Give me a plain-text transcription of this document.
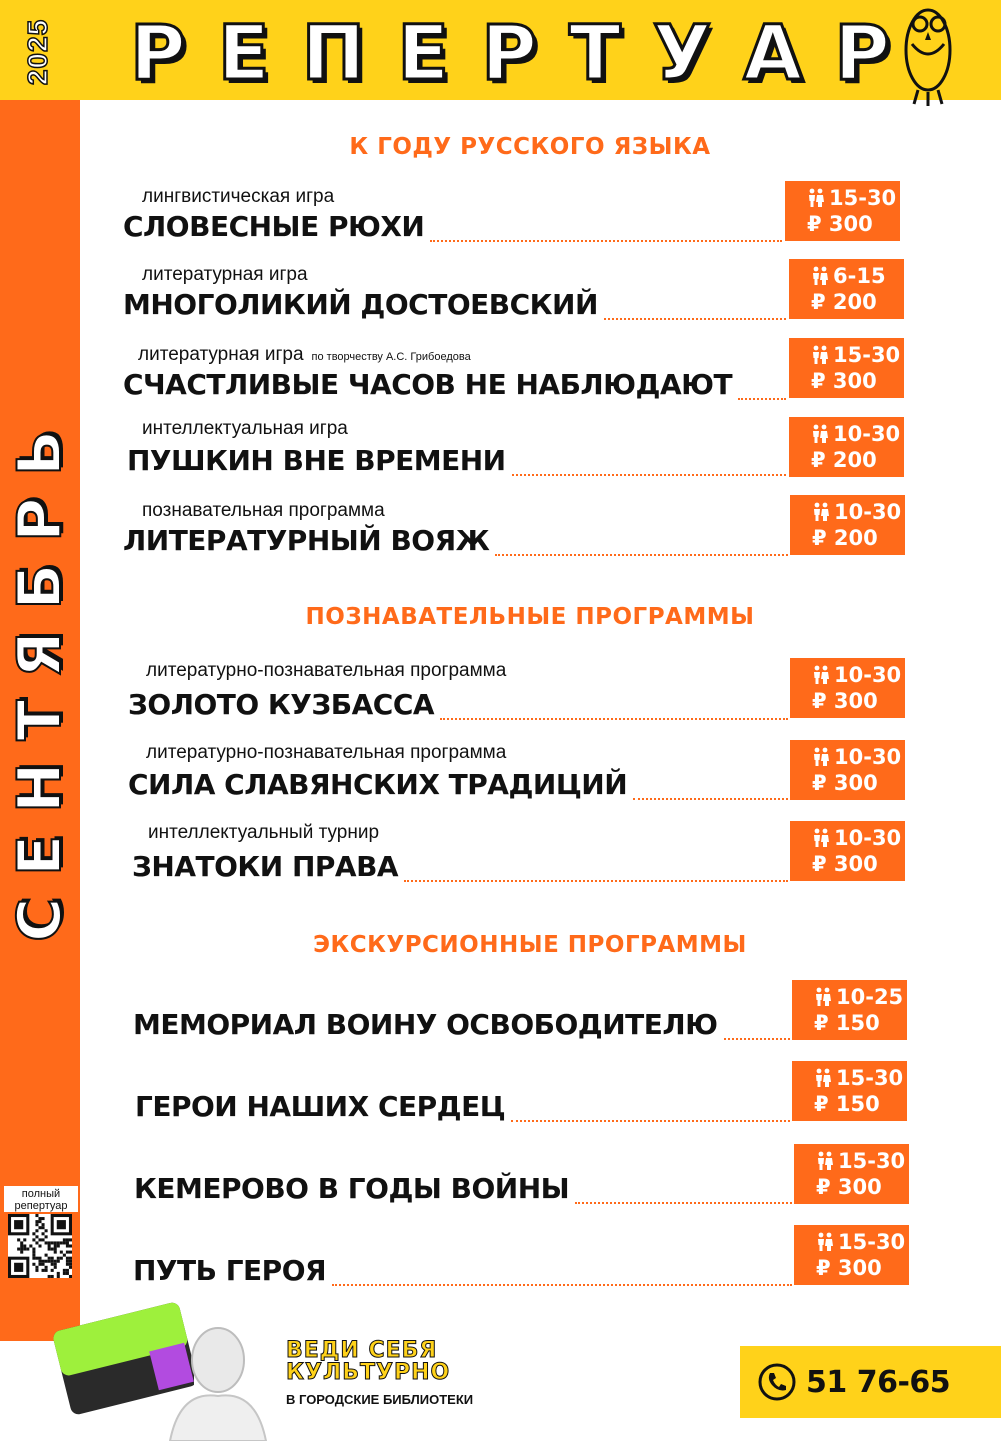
2025 Р Е П Е Р Т У А Р
СЕНТЯБРЬ
полный репертуар
К ГОДУ РУССКОГО ЯЗЫКА
ПОЗНАВАТЕЛЬНЫЕ ПРОГРАММЫ
ЭКСКУРСИОННЫЕ ПРОГРАММЫ
лингвистическая игра
СЛОВЕСНЫЕ РЮХИ
15-30
₽ 300
литературная игра
МНОГОЛИКИЙ ДОСТОЕВСКИЙ
6-15
₽ 200
литературная игра по творчеству А.С. Грибоедова
СЧАСТЛИВЫЕ ЧАСОВ НЕ НАБЛЮДАЮТ
15-30
₽ 300
интеллектуальная игра
ПУШКИН ВНЕ ВРЕМЕНИ
10-30
₽ 200
познавательная программа
ЛИТЕРАТУРНЫЙ ВОЯЖ
10-30
₽ 200
литературно-познавательная программа
ЗОЛОТО КУЗБАССА
10-30
₽ 300
литературно-познавательная программа
СИЛА СЛАВЯНСКИХ ТРАДИЦИЙ
10-30
₽ 300
интеллектуальный турнир
ЗНАТОКИ ПРАВА
10-30
₽ 300
МЕМОРИАЛ ВОИНУ ОСВОБОДИТЕЛЮ
10-25
₽ 150
ГЕРОИ НАШИХ СЕРДЕЦ
15-30
₽ 150
КЕМЕРОВО В ГОДЫ ВОЙНЫ
15-30
₽ 300
ПУТЬ ГЕРОЯ
15-30
₽ 300
ВЕДИ СЕБЯ
КУЛЬТУРНО
В ГОРОДСКИЕ БИБЛИОТЕКИ	51 76-65
